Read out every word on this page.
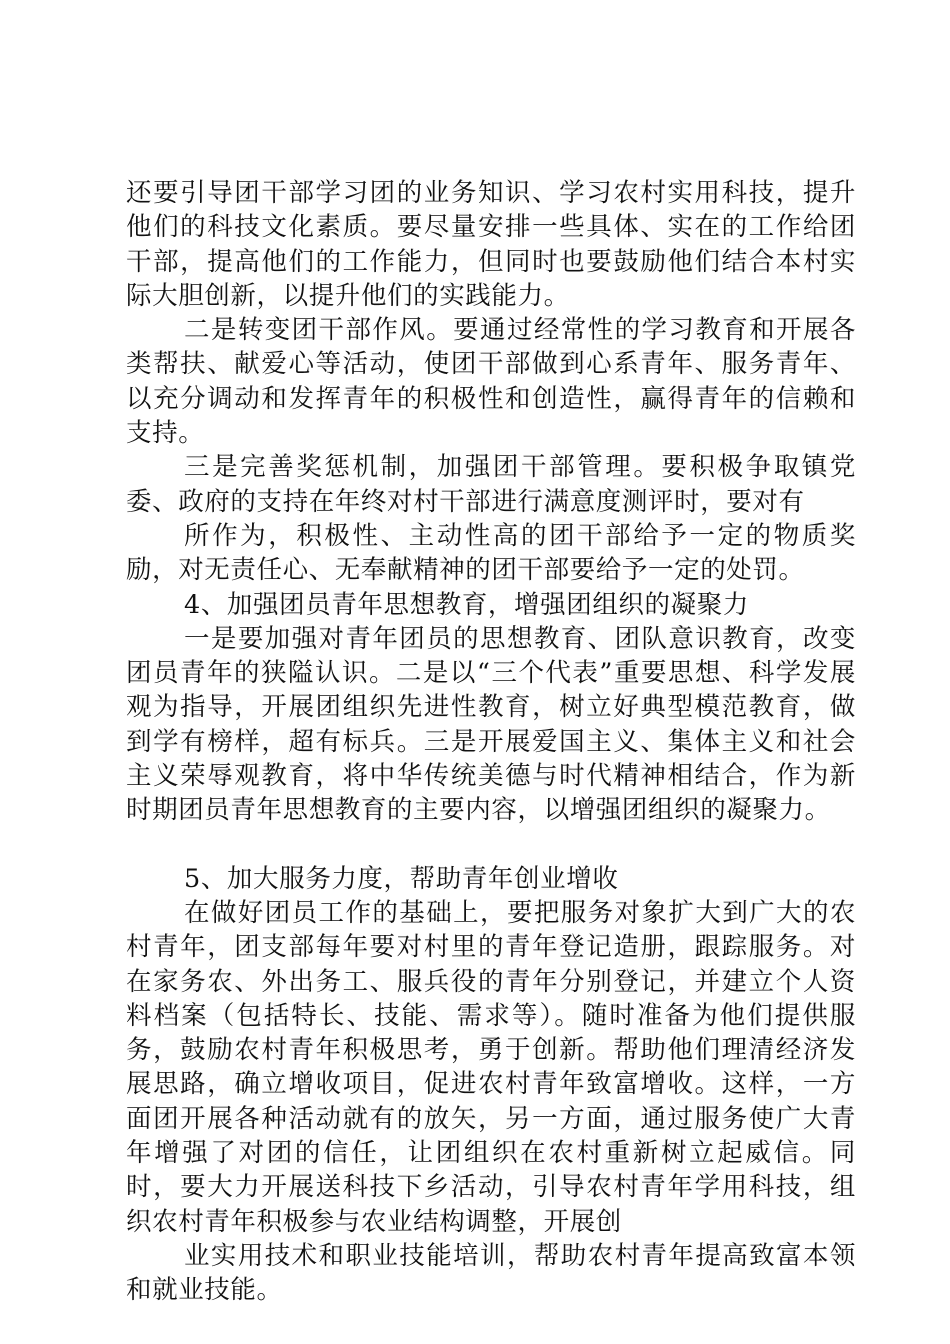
还要引导团干部学习团的业务知识、学习农村实用科技，提升他们的科技文化素质。要尽量安排一些具体、实在的工作给团干部，提高他们的工作能力，但同时也要鼓励他们结合本村实际大胆创新，以提升他们的实践能力。

二是转变团干部作风。要通过经常性的学习教育和开展各类帮扶、献爱心等活动，使团干部做到心系青年、服务青年、以充分调动和发挥青年的积极性和创造性，赢得青年的信赖和支持。

三是完善奖惩机制，加强团干部管理。要积极争取镇党委、政府的支持在年终对村干部进行满意度测评时，要对有

所作为，积极性、主动性高的团干部给予一定的物质奖励，对无责任心、无奉献精神的团干部要给予一定的处罚。

4、加强团员青年思想教育，增强团组织的凝聚力

一是要加强对青年团员的思想教育、团队意识教育，改变团员青年的狭隘认识。二是以“三个代表”重要思想、科学发展观为指导，开展团组织先进性教育，树立好典型模范教育，做到学有榜样，超有标兵。三是开展爱国主义、集体主义和社会主义荣辱观教育，将中华传统美德与时代精神相结合，作为新时期团员青年思想教育的主要内容，以增强团组织的凝聚力。

5、加大服务力度，帮助青年创业增收

在做好团员工作的基础上，要把服务对象扩大到广大的农村青年，团支部每年要对村里的青年登记造册，跟踪服务。对在家务农、外出务工、服兵役的青年分别登记，并建立个人资料档案（包括特长、技能、需求等）。随时准备为他们提供服务，鼓励农村青年积极思考，勇于创新。帮助他们理清经济发展思路，确立增收项目，促进农村青年致富增收。这样，一方面团开展各种活动就有的放矢，另一方面，通过服务使广大青年增强了对团的信任，让团组织在农村重新树立起威信。同时，要大力开展送科技下乡活动，引导农村青年学用科技，组织农村青年积极参与农业结构调整，开展创

业实用技术和职业技能培训，帮助农村青年提高致富本领和就业技能。
